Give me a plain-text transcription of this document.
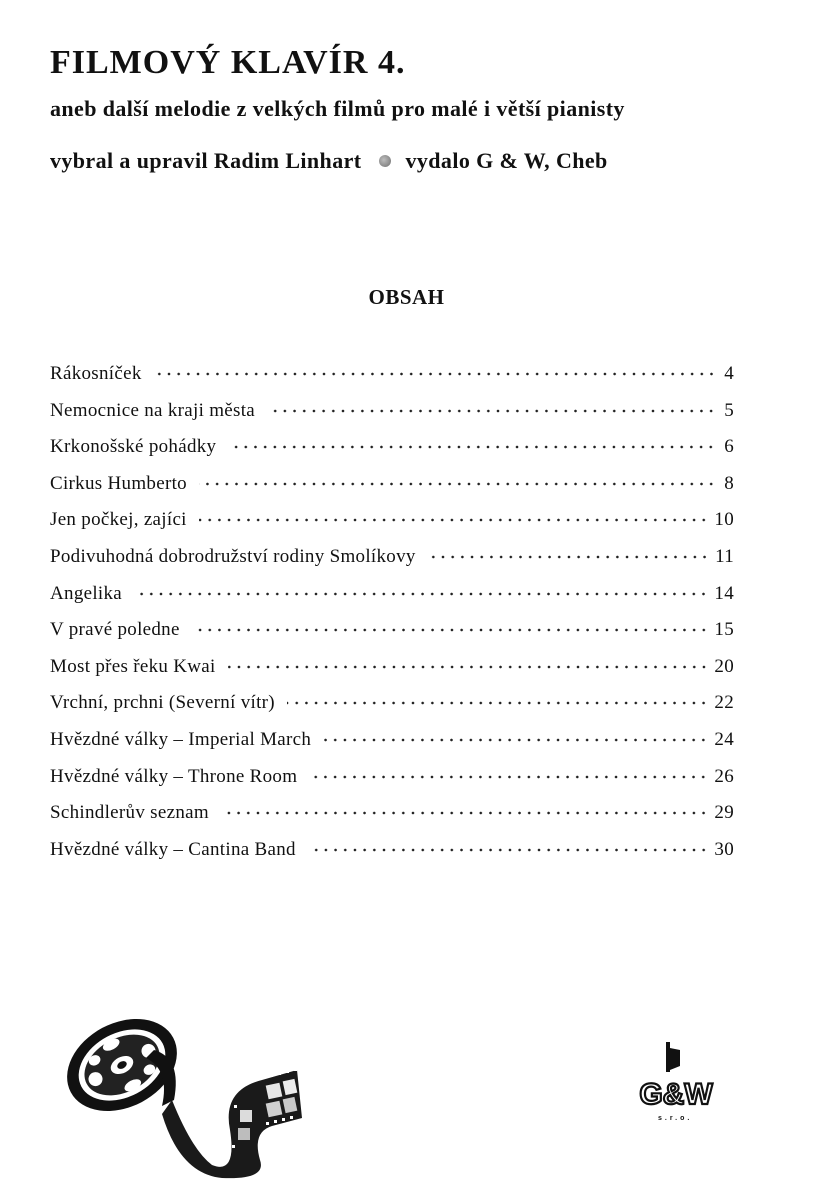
FILMOVÝ KLAVÍR 4.
aneb další melodie z velkých filmů pro malé i větší pianisty
vybral a upravil Radim Linhart vydalo G & W, Cheb
OBSAH
Rákosníček	4
Nemocnice na kraji města	5
Krkonošské pohádky	6
Cirkus Humberto	8
Jen počkej, zajíci	10
Podivuhodná dobrodružství rodiny Smolíkovy	11
Angelika	14
V pravé poledne	15
Most přes řeku Kwai	20
Vrchní, prchni (Severní vítr)	22
Hvězdné války – Imperial March	24
Hvězdné války – Throne Room	26
Schindlerův seznam	29
Hvězdné války – Cantina Band	30
G&W
s.r.o.
